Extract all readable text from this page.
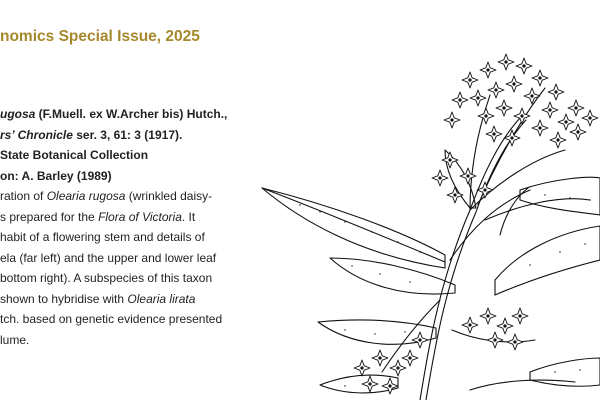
nomics Special Issue, 2025
ugosa (F.Muell. ex W.Archer bis) Hutch.,
rs’ Chronicle ser. 3, 61: 3 (1917).
State Botanical Collection
on: A. Barley (1989)
ration of Olearia rugosa (wrinkled daisy-
s prepared for the Flora of Victoria. It
habit of a flowering stem and details of
ela (far left) and the upper and lower leaf
bottom right). A subspecies of this taxon
shown to hybridise with Olearia lirata
tch. based on genetic evidence presented
lume.
